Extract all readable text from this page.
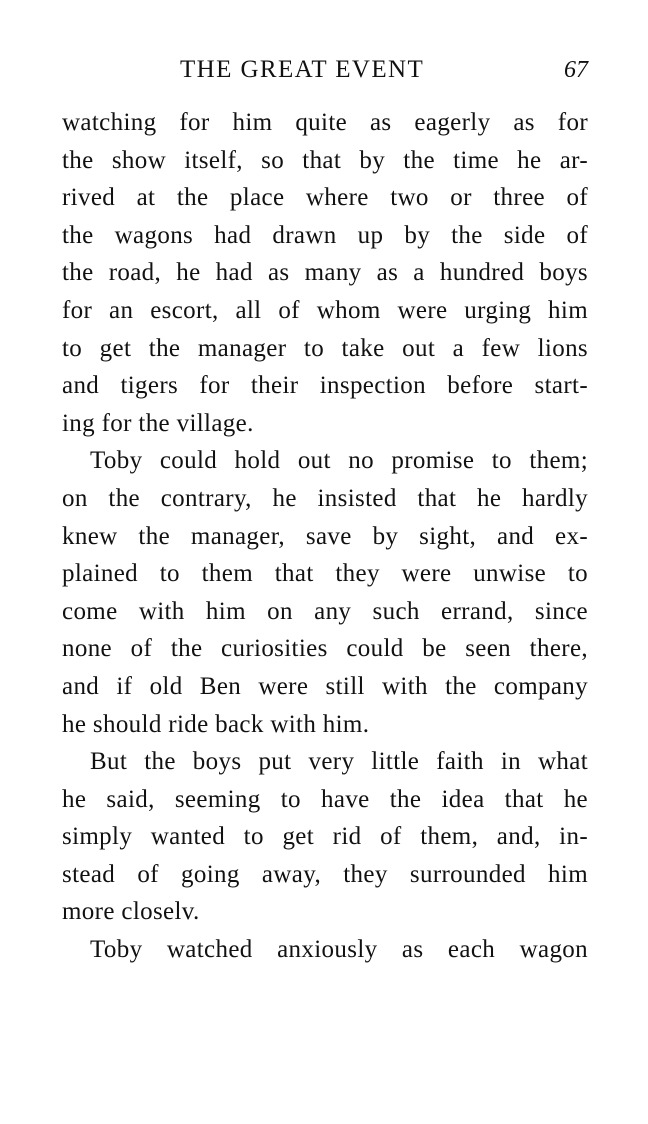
THE GREAT EVENT	67
watching for him quite as eagerly as for
the show itself, so that by the time he ar-
rived at the place where two or three of
the wagons had drawn up by the side of
the road, he had as many as a hundred boys
for an escort, all of whom were urging him
to get the manager to take out a few lions
and tigers for their inspection before start-
ing for the village.
Toby could hold out no promise to them;
on the contrary, he insisted that he hardly
knew the manager, save by sight, and ex-
plained to them that they were unwise to
come with him on any such errand, since
none of the curiosities could be seen there,
and if old Ben were still with the company
he should ride back with him.
But the boys put very little faith in what
he said, seeming to have the idea that he
simply wanted to get rid of them, and, in-
stead of going away, they surrounded him
more closelv.
Toby watched anxiously as each wagon
